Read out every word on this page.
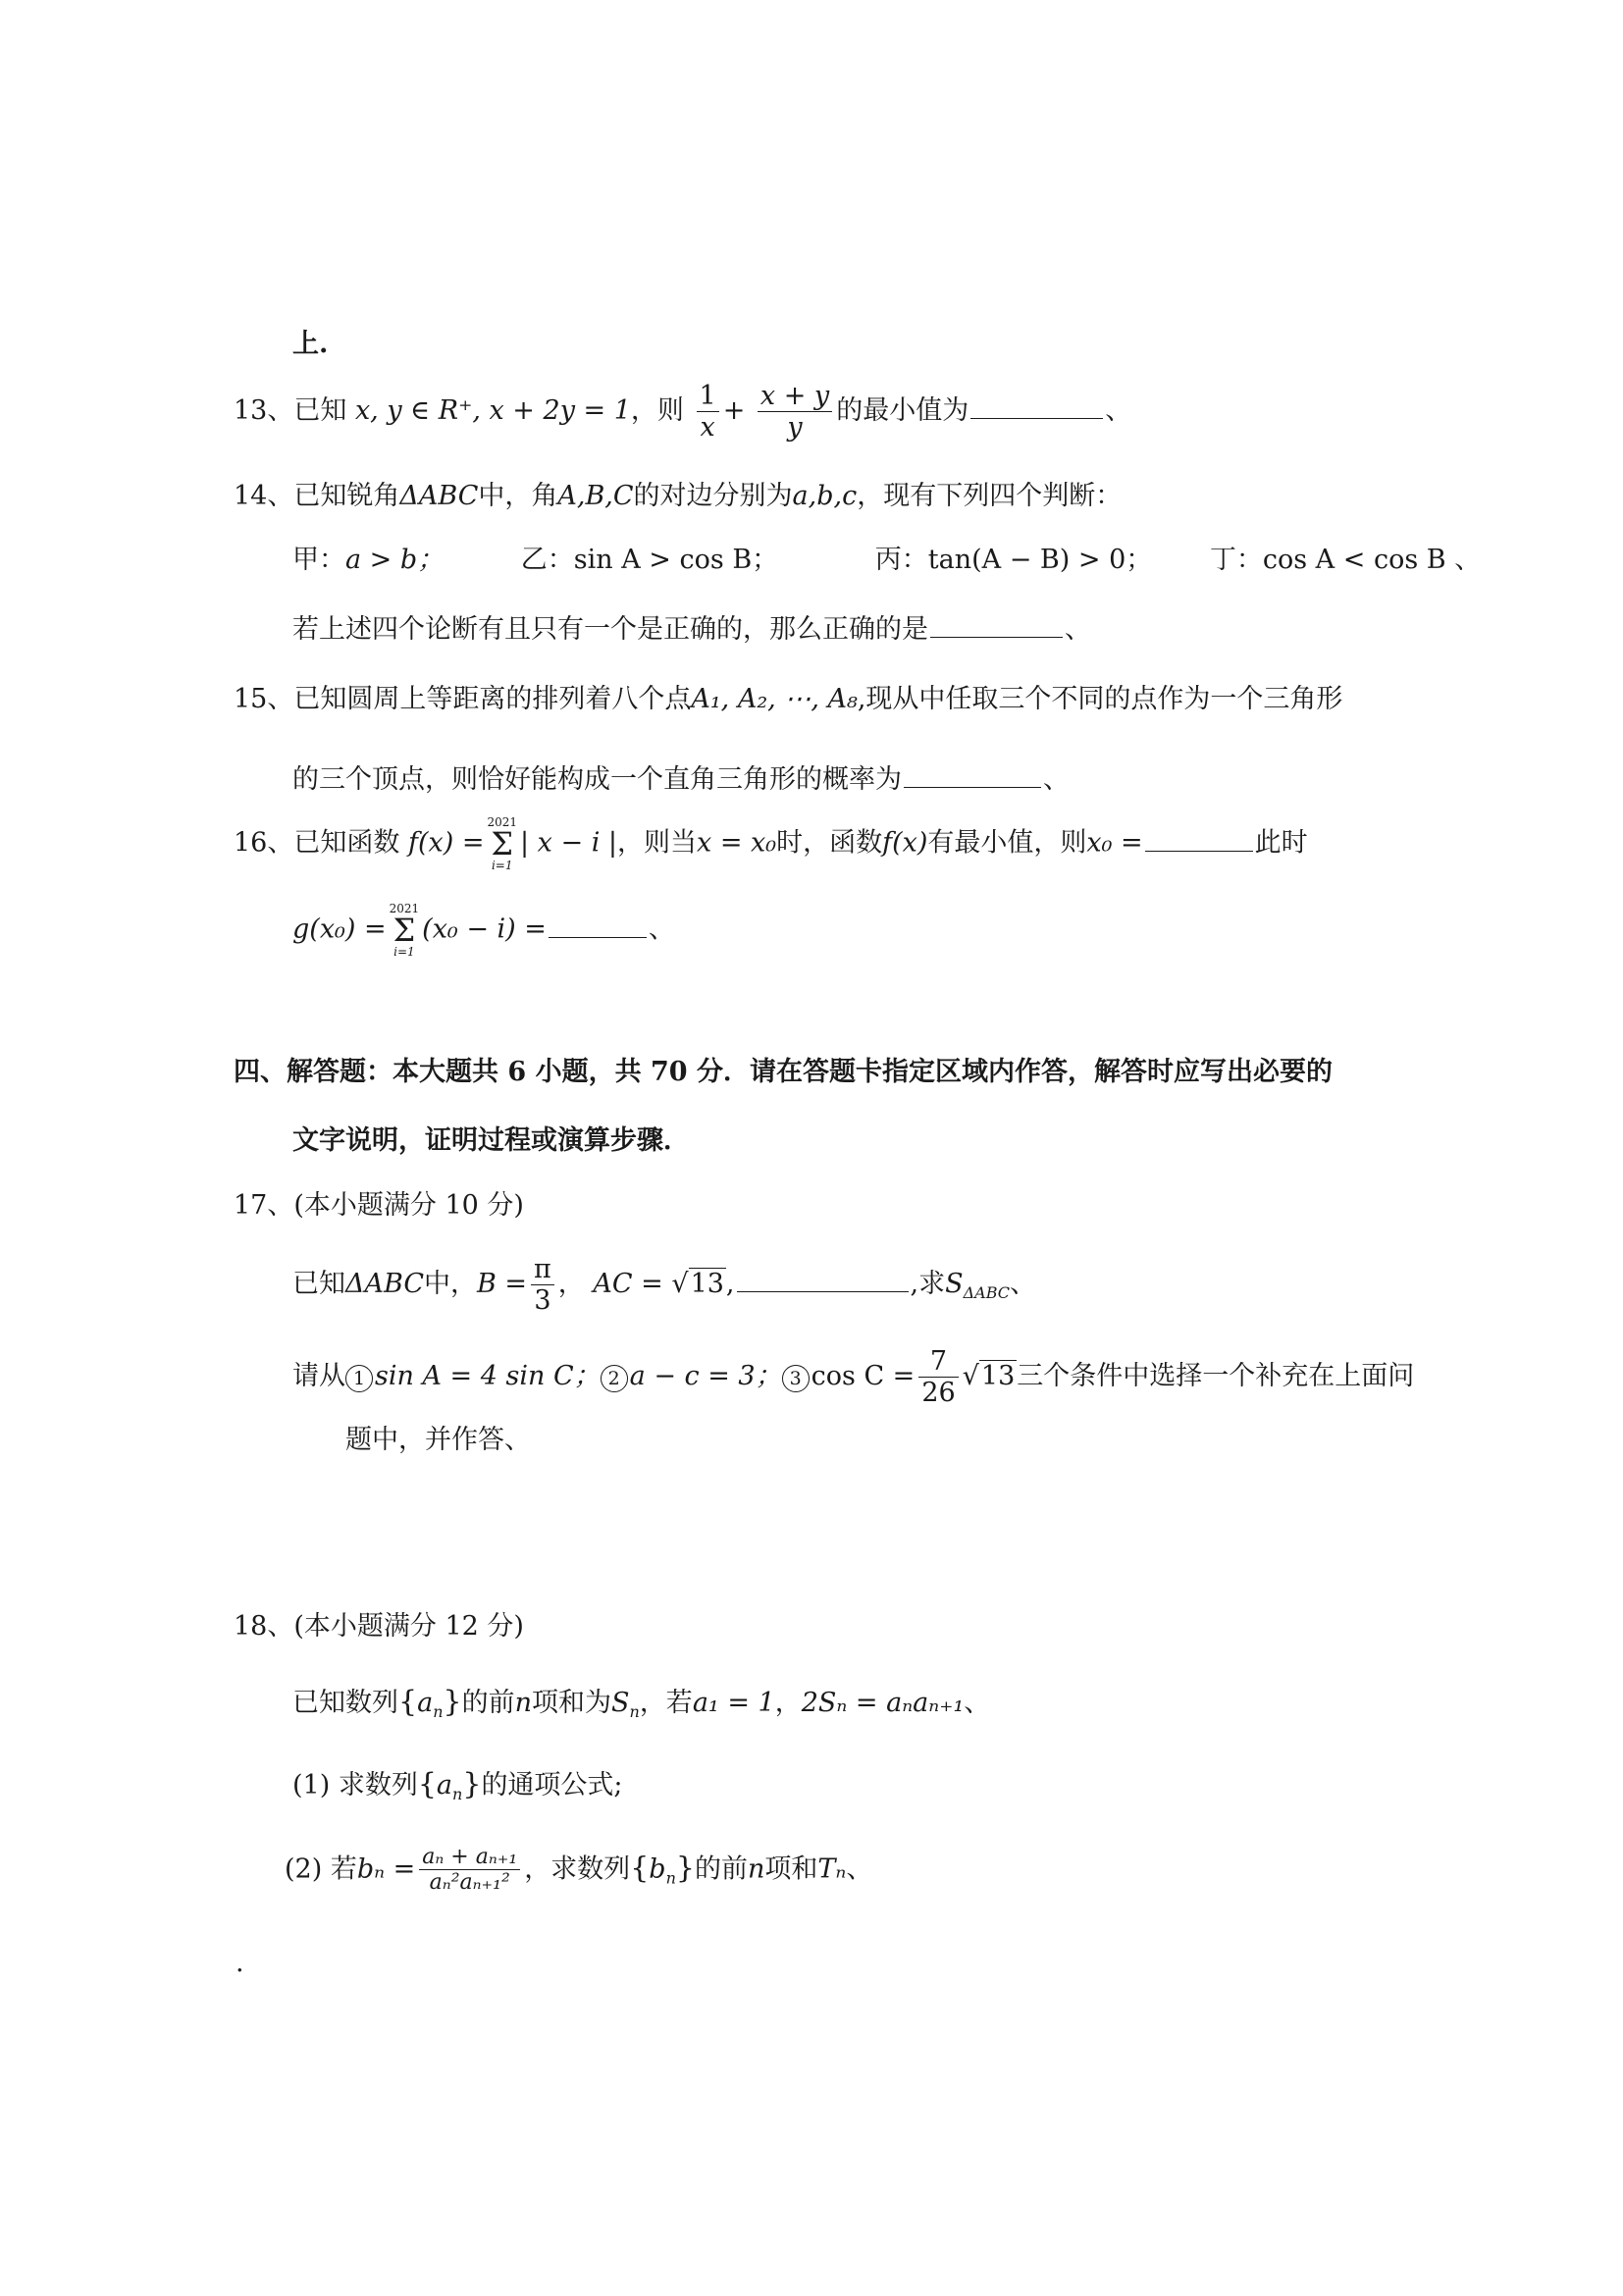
上.
13、已知 x, y ∈ R⁺, x + 2y = 1，则 $\frac{1}{x} + \frac{x + y}{y}$ 的最小值为	、
14、已知锐角ΔABC中，角A,B,C的对边分别为a,b,c，现有下列四个判断：
甲：a > b；	乙：sin A > cos B；	丙：tan(A − B) > 0； 丁：cos A < cos B 、
若上述四个论断有且只有一个是正确的，那么正确的是	、
15、已知圆周上等距离的排列着八个点A₁, A₂, ⋯, A₈,现从中任取三个不同的点作为一个三角形
的三个顶点，则恰好能构成一个直角三角形的概率为	、
16、已知函数 f(x) =
2021
Σ
i=1
| x − i |，则当x = x₀时，函数f(x)有最小值，则x₀ =	此时
g(x₀) =
2021
Σ
i=1
(x₀ − i) =	、
四、解答题：本大题共 6 小题，共 70 分．请在答题卡指定区域内作答，解答时应写出必要的
文字说明，证明过程或演算步骤．
17、(本小题满分 10 分)
已知ΔABC中，$B = \frac{\pi}{3}$ ， AC = √13,	,求$S_{\Delta ABC}$、
请从 1 sin A = 4 sin C； 2 a − c = 3； 3 $\cos C = \frac{7}{26} √13$三个条件中选择一个补充在上面问
题中，并作答、
18、(本小题满分 12 分)
已知数列$\{a_n\}$的前n项和为$S_n$，若a₁ = 1，2Sₙ = aₙaₙ₊₁、
(1) 求数列$\{a_n\}$的通项公式;
(2) 若$b_n = \frac{\text{aₙ + aₙ₊₁}}{\text{aₙ²aₙ₊₁²}}$ ，求数列$\{b_n\}$的前n项和Tₙ、
.
